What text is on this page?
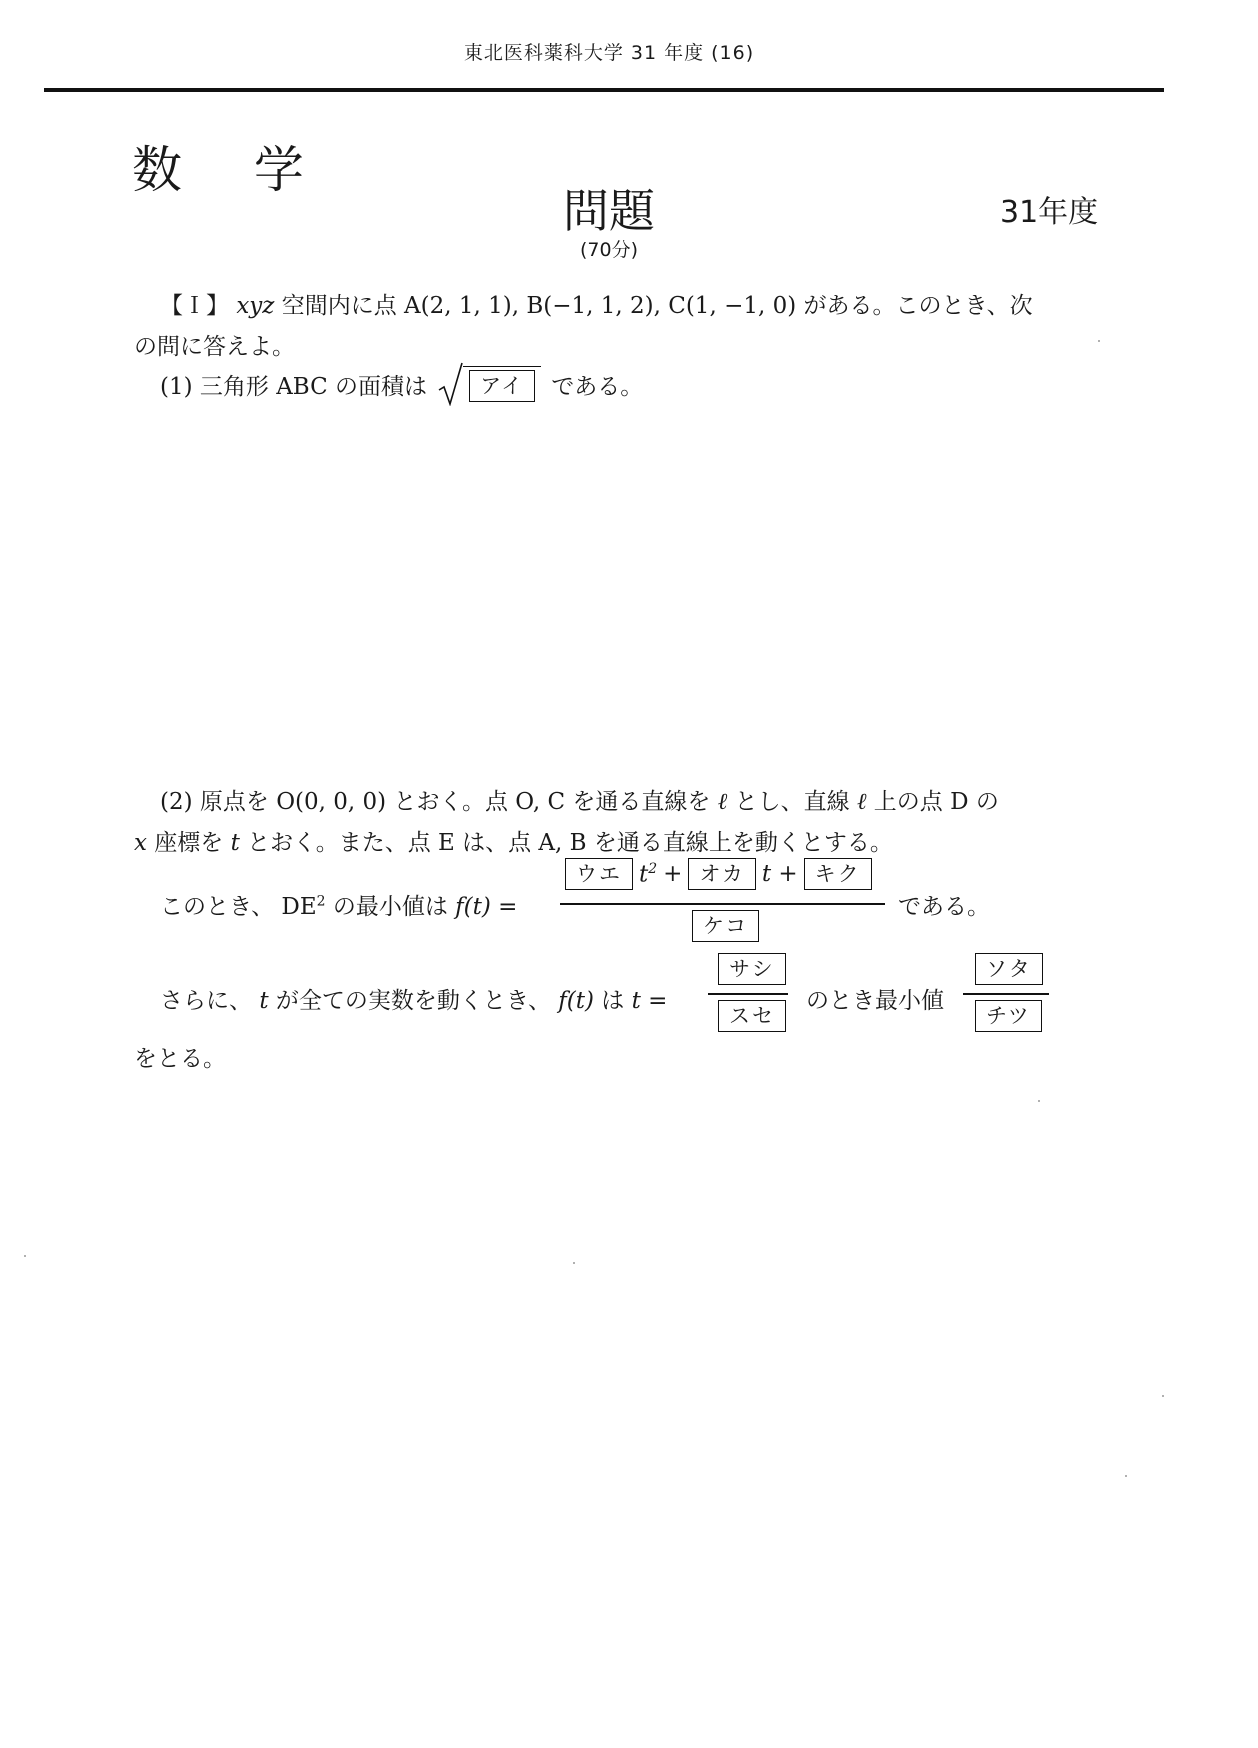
東北医科薬科大学 31 年度 (16)
数 学
問題	31年度
(70分)
【Ｉ】 xyz 空間内に点 A(2, 1, 1), B(−1, 1, 2), C(1, −1, 0) がある。このとき、次
の問に答えよ。
(1) 三角形 ABC の面積は	アイ	である。
(2) 原点を O(0, 0, 0) とおく。点 O, C を通る直線を ℓ とし、直線 ℓ 上の点 D の
x 座標を t とおく。また、点 E は、点 A, B を通る直線上を動くとする。
このとき、 $DE^2$ の最小値は f(t) =
ウエ $t^2$ + オカ t + キク
ケコ
である。
さらに、 t が全ての実数を動くとき、 f(t) は t =
サシ
スセ
のとき最小値
ソタ
チツ
をとる。
